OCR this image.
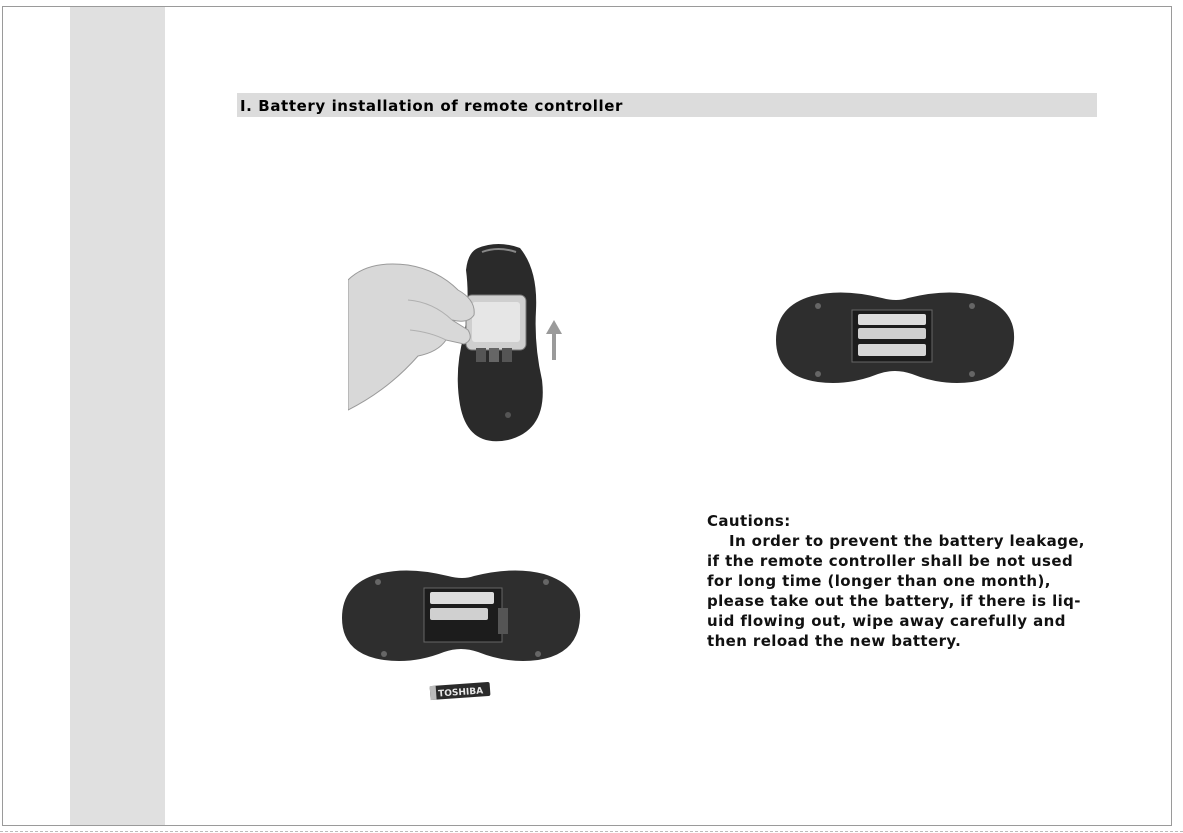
I. Battery installation of remote controller
TOSHIBA
Cautions:
In order to prevent the battery leakage, if the remote controller shall be not used for long time (longer than one month), please take out the battery, if there is liq-uid flowing out, wipe away carefully and then reload the new battery.
